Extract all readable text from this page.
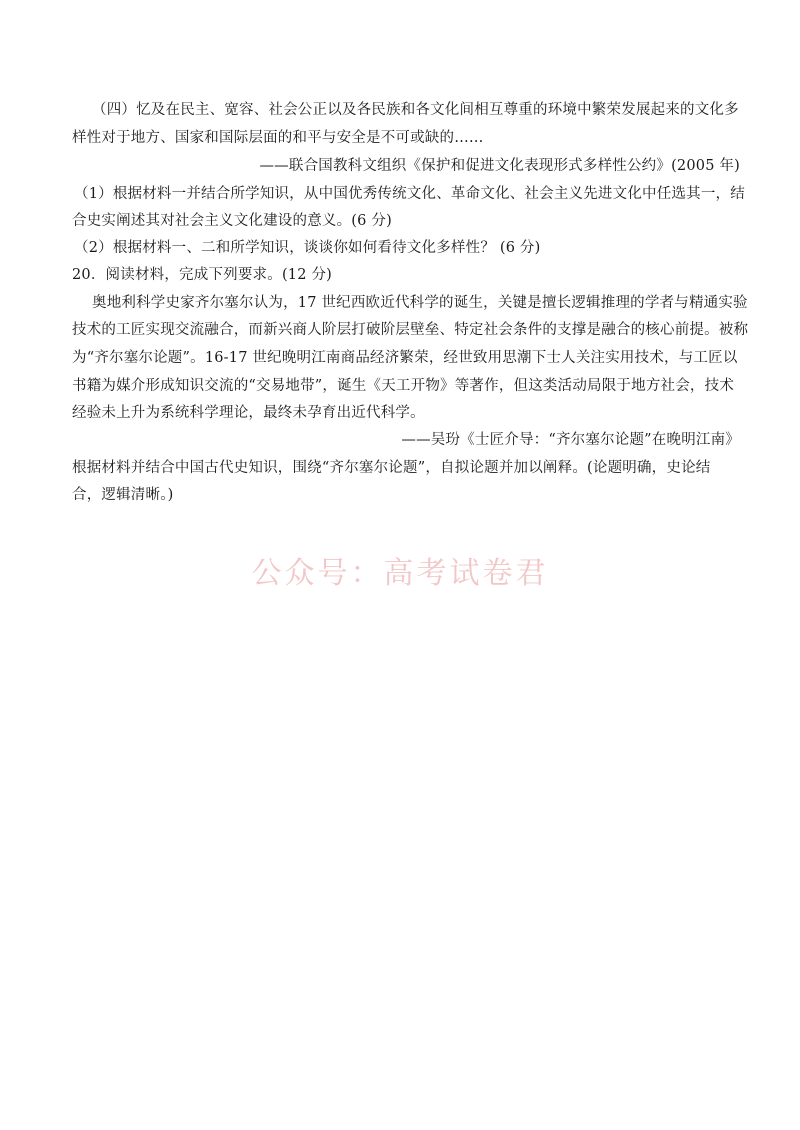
（四）忆及在民主、宽容、社会公正以及各民族和各文化间相互尊重的环境中繁荣发展起来的文化多
样性对于地方、国家和国际层面的和平与安全是不可或缺的……
——联合国教科文组织《保护和促进文化表现形式多样性公约》(2005 年)
（1）根据材料一并结合所学知识，从中国优秀传统文化、革命文化、社会主义先进文化中任选其一，结
合史实阐述其对社会主义文化建设的意义。(6 分)
（2）根据材料一、二和所学知识，谈谈你如何看待文化多样性？ (6 分)
20．阅读材料，完成下列要求。(12 分)
奥地利科学史家齐尔塞尔认为，17 世纪西欧近代科学的诞生，关键是擅长逻辑推理的学者与精通实验
技术的工匠实现交流融合，而新兴商人阶层打破阶层壁垒、特定社会条件的支撑是融合的核心前提。被称
为“齐尔塞尔论题”。16-17 世纪晚明江南商品经济繁荣，经世致用思潮下士人关注实用技术，与工匠以
书籍为媒介形成知识交流的“交易地带”，诞生《天工开物》等著作，但这类活动局限于地方社会，技术
经验未上升为系统科学理论，最终未孕育出近代科学。
——吴玢《士匠介导：“齐尔塞尔论题”在晚明江南》
根据材料并结合中国古代史知识，围绕“齐尔塞尔论题”，自拟论题并加以阐释。(论题明确，史论结
合，逻辑清晰。)
公众号：高考试卷君
